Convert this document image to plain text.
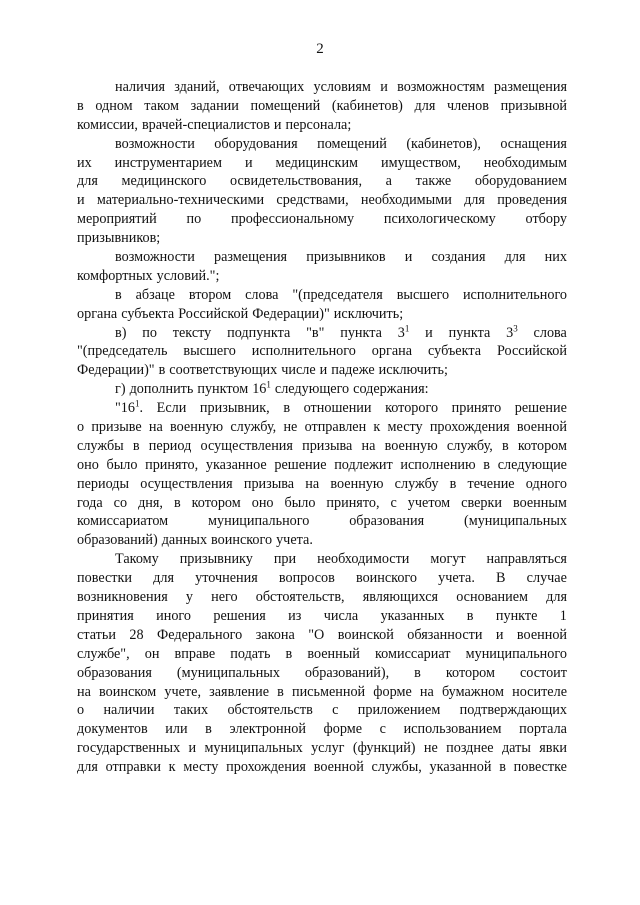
2
наличия зданий, отвечающих условиям и возможностям размещения
в одном таком задании помещений (кабинетов) для членов призывной
комиссии, врачей-специалистов и персонала;
возможности оборудования помещений (кабинетов), оснащения
их инструментарием и медицинским имуществом, необходимым
для медицинского освидетельствования, а также оборудованием
и материально-техническими средствами, необходимыми для проведения
мероприятий по профессиональному психологическому отбору
призывников;
возможности размещения призывников и создания для них
комфортных условий.";
в абзаце втором слова "(председателя высшего исполнительного
органа субъекта Российской Федерации)" исключить;
в) по тексту подпункта "в" пункта $3^1$ и пункта $3^3$ слова
"(председатель высшего исполнительного органа субъекта Российской
Федерации)" в соответствующих числе и падеже исключить;
г) дополнить пунктом $16^1$ следующего содержания:
"$16^1$. Если призывник, в отношении которого принято решение
о призыве на военную службу, не отправлен к месту прохождения военной
службы в период осуществления призыва на военную службу, в котором
оно было принято, указанное решение подлежит исполнению в следующие
периоды осуществления призыва на военную службу в течение одного
года со дня, в котором оно было принято, с учетом сверки военным
комиссариатом	муниципального	образования	(муниципальных
образований) данных воинского учета.
Такому призывнику при необходимости могут направляться
повестки для уточнения вопросов воинского учета. В случае
возникновения у него обстоятельств, являющихся основанием для
принятия иного решения из числа указанных в пункте 1
статьи 28 Федерального закона "О воинской обязанности и военной
службе", он вправе подать в военный комиссариат муниципального
образования (муниципальных образований), в котором состоит
на воинском учете, заявление в письменной форме на бумажном носителе
о наличии таких обстоятельств с приложением подтверждающих
документов или в электронной форме с использованием портала
государственных и муниципальных услуг (функций) не позднее даты явки
для отправки к месту прохождения военной службы, указанной в повестке
